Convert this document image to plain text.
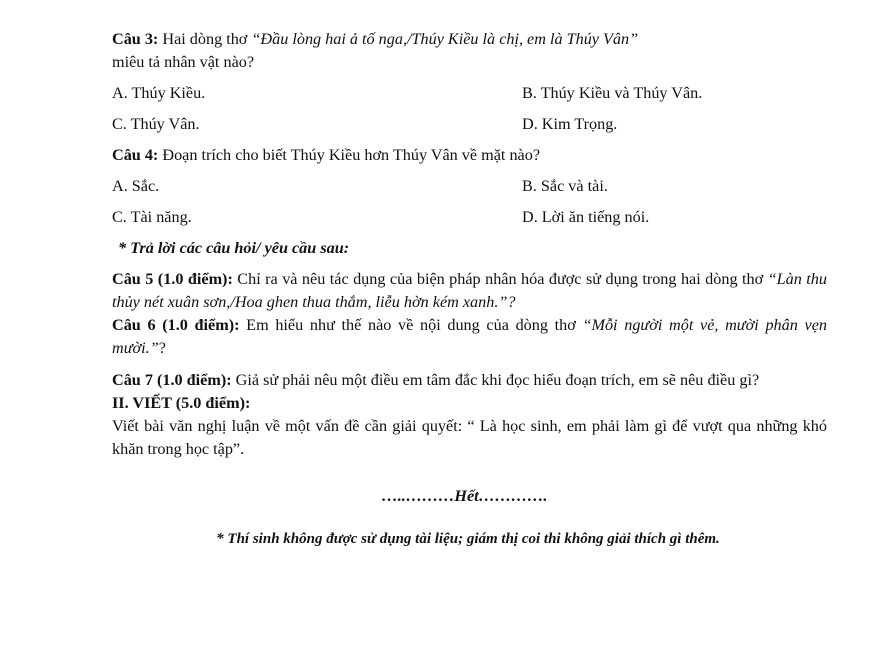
Câu 3: Hai dòng thơ “Đầu lòng hai ả tố nga,/Thúy Kiều là chị, em là Thúy Vân”
miêu tả nhân vật nào?

A. Thúy Kiều.	B. Thúy Kiều và Thúy Vân.
C. Thúy Vân.	D. Kim Trọng.

Câu 4: Đoạn trích cho biết Thúy Kiều hơn Thúy Vân về mặt nào?

A. Sắc.	B. Sắc và tài.
C. Tài năng.	D. Lời ăn tiếng nói.

* Trả lời các câu hỏi/ yêu cầu sau:

Câu 5 (1.0 điểm): Chỉ ra và nêu tác dụng của biện pháp nhân hóa được sử dụng trong hai dòng thơ “Làn thu thủy nét xuân sơn,/Hoa ghen thua thắm, liễu hờn kém xanh.”?

Câu 6 (1.0 điểm): Em hiểu như thế nào về nội dung của dòng thơ “Mỗi người một vẻ, mười phân vẹn mười.”?

Câu 7 (1.0 điểm): Giả sử phải nêu một điều em tâm đắc khi đọc hiểu đoạn trích, em sẽ nêu điều gì?

II. VIẾT (5.0 điểm):

Viết bài văn nghị luận về một vấn đề cần giải quyết: “ Là học sinh, em phải làm gì để vượt qua những khó khăn trong học tập”.

…..………Hết………….

* Thí sinh không được sử dụng tài liệu; giám thị coi thi không giải thích gì thêm.
